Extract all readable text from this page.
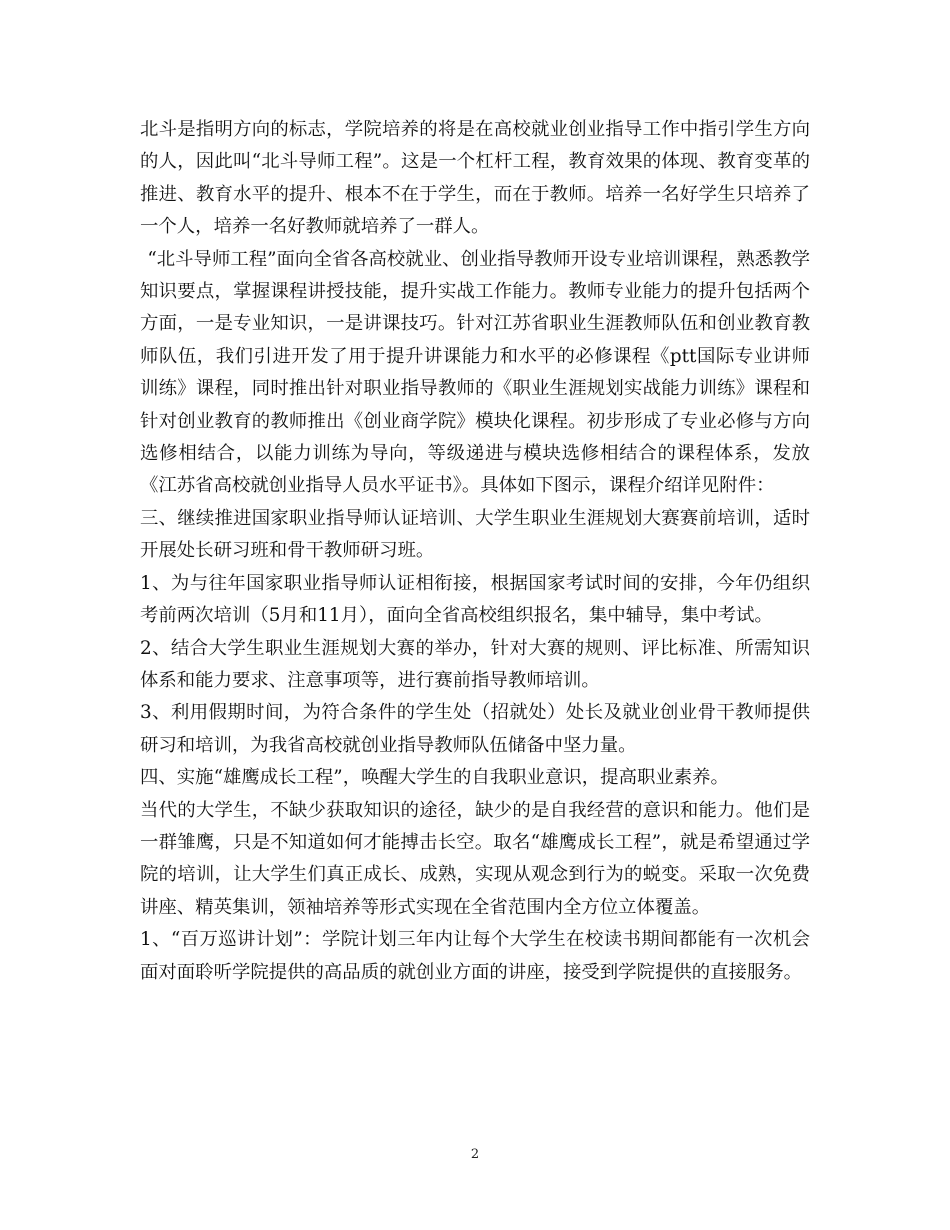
北斗是指明方向的标志，学院培养的将是在高校就业创业指导工作中指引学生方向的人，因此叫“北斗导师工程”。这是一个杠杆工程，教育效果的体现、教育变革的推进、教育水平的提升、根本不在于学生，而在于教师。培养一名好学生只培养了一个人，培养一名好教师就培养了一群人。

“北斗导师工程”面向全省各高校就业、创业指导教师开设专业培训课程，熟悉教学知识要点，掌握课程讲授技能，提升实战工作能力。教师专业能力的提升包括两个方面，一是专业知识，一是讲课技巧。针对江苏省职业生涯教师队伍和创业教育教师队伍，我们引进开发了用于提升讲课能力和水平的必修课程《ptt国际专业讲师训练》课程，同时推出针对职业指导教师的《职业生涯规划实战能力训练》课程和针对创业教育的教师推出《创业商学院》模块化课程。初步形成了专业必修与方向选修相结合，以能力训练为导向，等级递进与模块选修相结合的课程体系，发放《江苏省高校就创业指导人员水平证书》。具体如下图示，课程介绍详见附件：

三、继续推进国家职业指导师认证培训、大学生职业生涯规划大赛赛前培训，适时开展处长研习班和骨干教师研习班。

1、为与往年国家职业指导师认证相衔接，根据国家考试时间的安排，今年仍组织考前两次培训（5月和11月），面向全省高校组织报名，集中辅导，集中考试。

2、结合大学生职业生涯规划大赛的举办，针对大赛的规则、评比标准、所需知识体系和能力要求、注意事项等，进行赛前指导教师培训。

3、利用假期时间，为符合条件的学生处（招就处）处长及就业创业骨干教师提供研习和培训，为我省高校就创业指导教师队伍储备中坚力量。

四、实施“雄鹰成长工程”，唤醒大学生的自我职业意识，提高职业素养。

当代的大学生，不缺少获取知识的途径，缺少的是自我经营的意识和能力。他们是一群雏鹰，只是不知道如何才能搏击长空。取名“雄鹰成长工程”，就是希望通过学院的培训，让大学生们真正成长、成熟，实现从观念到行为的蜕变。采取一次免费讲座、精英集训，领袖培养等形式实现在全省范围内全方位立体覆盖。

1、“百万巡讲计划”：学院计划三年内让每个大学生在校读书期间都能有一次机会面对面聆听学院提供的高品质的就创业方面的讲座，接受到学院提供的直接服务。

2
